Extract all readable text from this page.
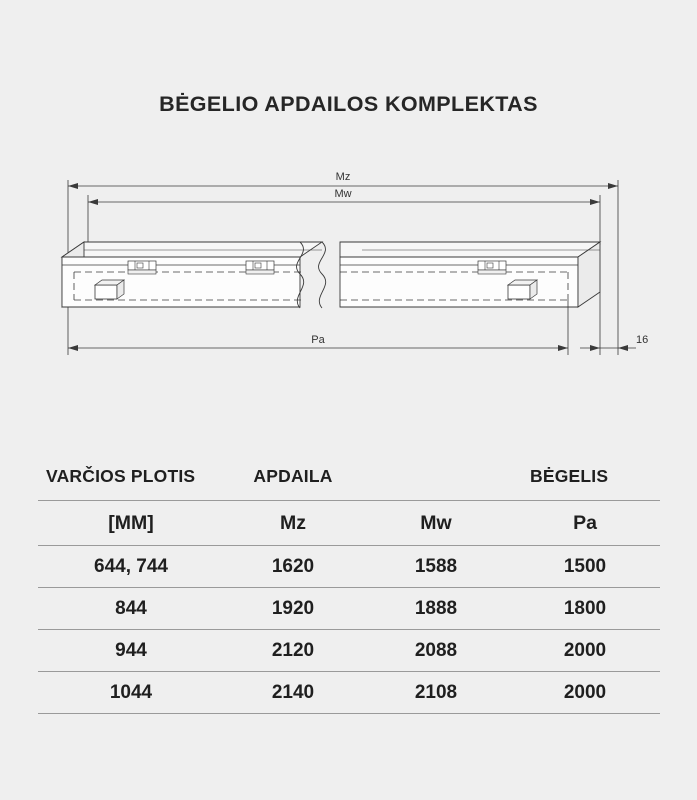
BĖGELIO APDAILOS KOMPLEKTAS
Mz
Mw
Pa	16
VARČIOS PLOTIS	APDAILA		BĖGELIS
[MM]	Mz	Mw	Pa
644, 744	1620	1588	1500
844	1920	1888	1800
944	2120	2088	2000
1044	2140	2108	2000
